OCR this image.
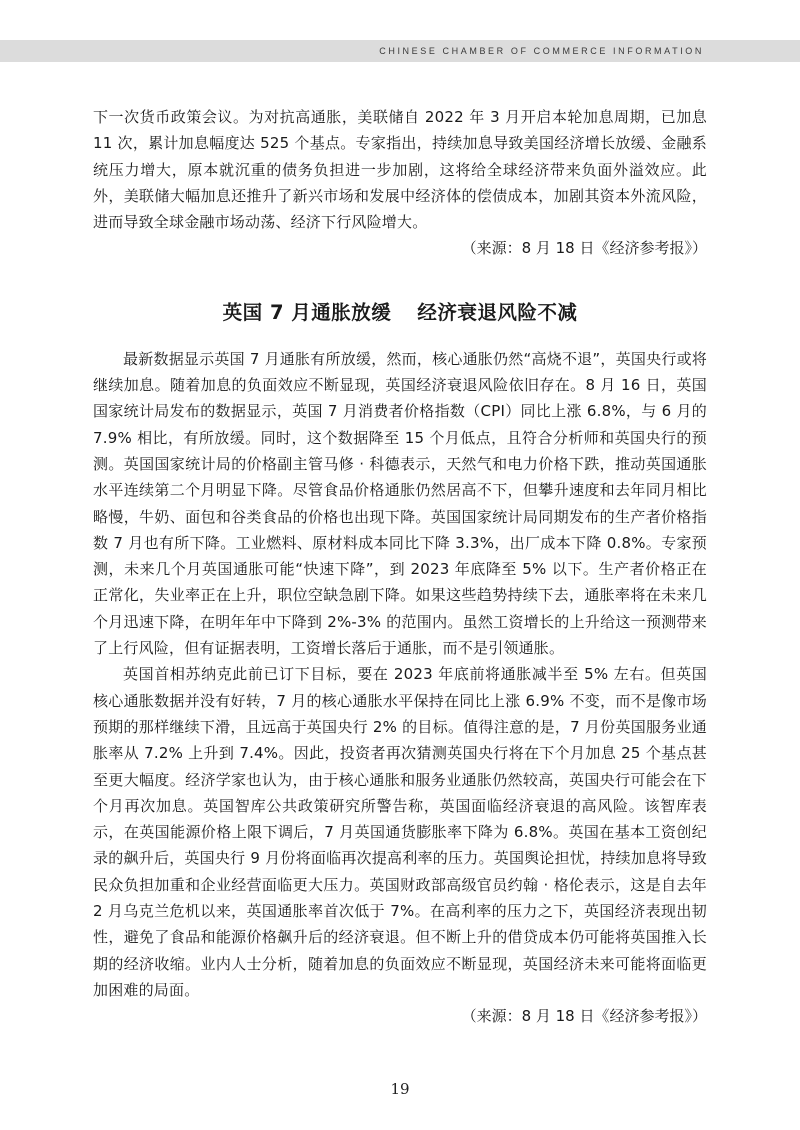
CHINESE CHAMBER OF COMMERCE INFORMATION

下一次货币政策会议。为对抗高通胀，美联储自 2022 年 3 月开启本轮加息周期，已加息 11 次，累计加息幅度达 525 个基点。专家指出，持续加息导致美国经济增长放缓、金融系统压力增大，原本就沉重的债务负担进一步加剧，这将给全球经济带来负面外溢效应。此外，美联储大幅加息还推升了新兴市场和发展中经济体的偿债成本，加剧其资本外流风险，进而导致全球金融市场动荡、经济下行风险增大。

（来源：8 月 18 日《经济参考报》）
英国 7 月通胀放缓 经济衰退风险不减

最新数据显示英国 7 月通胀有所放缓，然而，核心通胀仍然“高烧不退”，英国央行或将继续加息。随着加息的负面效应不断显现，英国经济衰退风险依旧存在。8 月 16 日，英国国家统计局发布的数据显示，英国 7 月消费者价格指数（CPI）同比上涨 6.8%，与 6 月的 7.9% 相比，有所放缓。同时，这个数据降至 15 个月低点，且符合分析师和英国央行的预测。英国国家统计局的价格副主管马修 · 科德表示，天然气和电力价格下跌，推动英国通胀水平连续第二个月明显下降。尽管食品价格通胀仍然居高不下，但攀升速度和去年同月相比略慢，牛奶、面包和谷类食品的价格也出现下降。英国国家统计局同期发布的生产者价格指数 7 月也有所下降。工业燃料、原材料成本同比下降 3.3%，出厂成本下降 0.8%。专家预测，未来几个月英国通胀可能“快速下降”，到 2023 年底降至 5% 以下。生产者价格正在正常化，失业率正在上升，职位空缺急剧下降。如果这些趋势持续下去，通胀率将在未来几个月迅速下降，在明年年中下降到 2%-3% 的范围内。虽然工资增长的上升给这一预测带来了上行风险，但有证据表明，工资增长落后于通胀，而不是引领通胀。

英国首相苏纳克此前已订下目标，要在 2023 年底前将通胀减半至 5% 左右。但英国核心通胀数据并没有好转，7 月的核心通胀水平保持在同比上涨 6.9% 不变，而不是像市场预期的那样继续下滑，且远高于英国央行 2% 的目标。值得注意的是，7 月份英国服务业通胀率从 7.2% 上升到 7.4%。因此，投资者再次猜测英国央行将在下个月加息 25 个基点甚至更大幅度。经济学家也认为，由于核心通胀和服务业通胀仍然较高，英国央行可能会在下个月再次加息。英国智库公共政策研究所警告称，英国面临经济衰退的高风险。该智库表示，在英国能源价格上限下调后，7 月英国通货膨胀率下降为 6.8%。英国在基本工资创纪录的飙升后，英国央行 9 月份将面临再次提高利率的压力。英国舆论担忧，持续加息将导致民众负担加重和企业经营面临更大压力。英国财政部高级官员约翰 · 格伦表示，这是自去年 2 月乌克兰危机以来，英国通胀率首次低于 7%。在高利率的压力之下，英国经济表现出韧性，避免了食品和能源价格飙升后的经济衰退。但不断上升的借贷成本仍可能将英国推入长期的经济收缩。业内人士分析，随着加息的负面效应不断显现，英国经济未来可能将面临更加困难的局面。

（来源：8 月 18 日《经济参考报》）
19
